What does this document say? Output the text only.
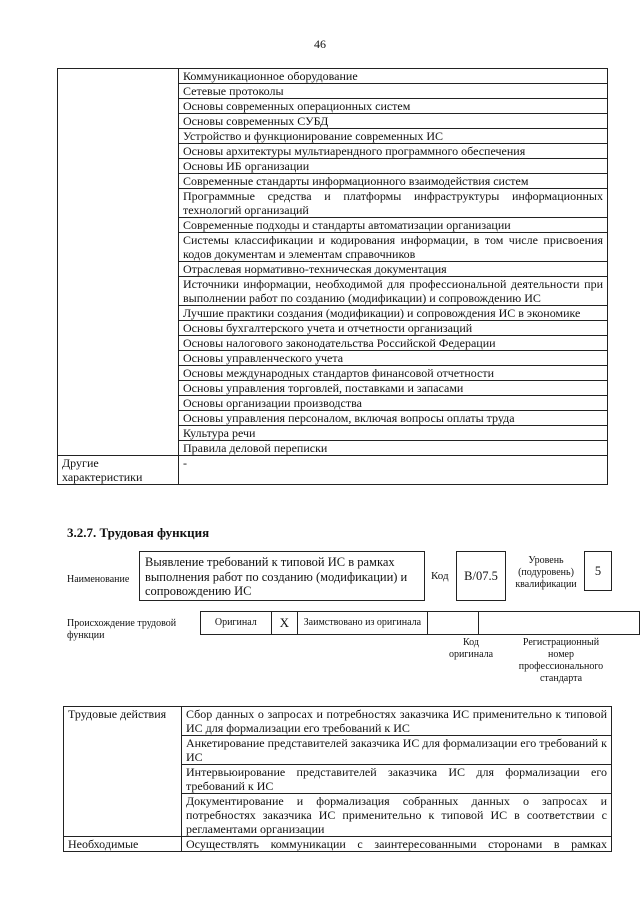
46
	Коммуникационное оборудование
	Сетевые протоколы
	Основы современных операционных систем
	Основы современных СУБД
	Устройство и функционирование современных ИС
	Основы архитектуры мультиарендного программного обеспечения
	Основы ИБ организации
	Современные стандарты информационного взаимодействия систем
	Программные средства и платформы инфраструктуры информационных технологий организаций
	Современные подходы и стандарты автоматизации организации
	Системы классификации и кодирования информации, в том числе присвоения кодов документам и элементам справочников
	Отраслевая нормативно-техническая документация
	Источники информации, необходимой для профессиональной деятельности при выполнении работ по созданию (модификации) и сопровождению ИС
	Лучшие практики создания (модификации) и сопровождения ИС в экономике
	Основы бухгалтерского учета и отчетности организаций
	Основы налогового законодательства Российской Федерации
	Основы управленческого учета
	Основы международных стандартов финансовой отчетности
	Основы управления торговлей, поставками и запасами
	Основы организации производства
	Основы управления персоналом, включая вопросы оплаты труда
	Культура речи
	Правила деловой переписки
Другие характеристики	-
3.2.7. Трудовая функция
Наименование
Выявление требований к типовой ИС в рамках выполнения работ по созданию (модификации) и сопровождению ИС
Код	B/07.5
Уровень (подуровень) квалификации
5
Происхождение трудовой функции
Оригинал	X	Заимствовано из оригинала		
Код оригинала
Регистрационный номер профессионального стандарта
Трудовые действия	Сбор данных о запросах и потребностях заказчика ИС применительно к типовой ИС для формализации его требований к ИС
	Анкетирование представителей заказчика ИС для формализации его требований к ИС
	Интервьюирование представителей заказчика ИС для формализации его требований к ИС
	Документирование и формализация собранных данных о запросах и потребностях заказчика ИС применительно к типовой ИС в соответствии с регламентами организации
Необходимые	Осуществлять коммуникации с заинтересованными сторонами в рамках
